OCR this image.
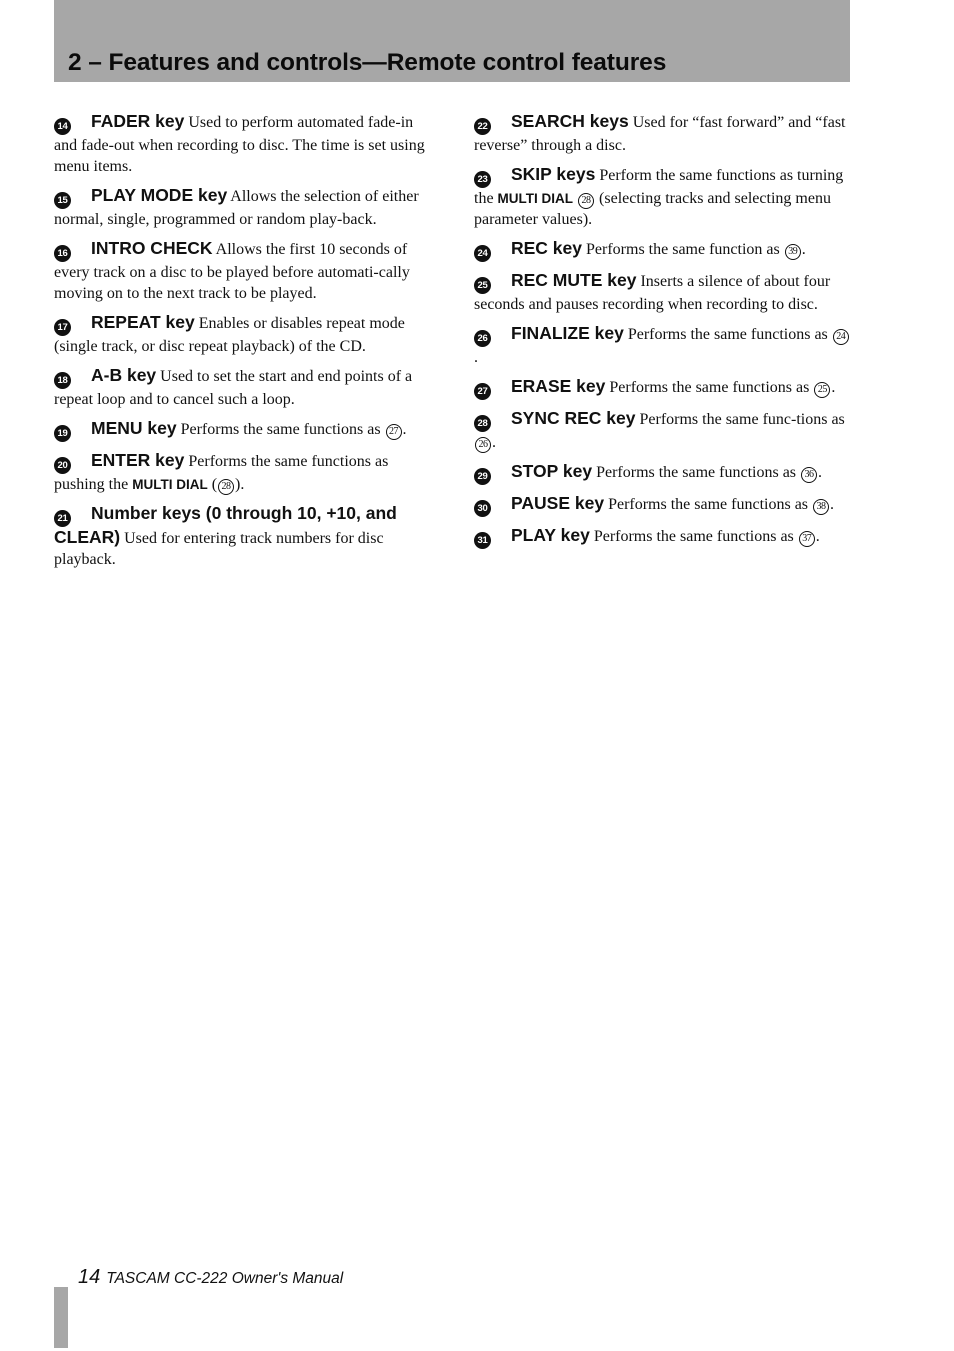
2 – Features and controls—Remote control features

14 FADER key Used to perform automated fade-in and fade-out when recording to disc. The time is set using menu items.

15 PLAY MODE key Allows the selection of either normal, single, programmed or random play-back.

16 INTRO CHECK Allows the first 10 seconds of every track on a disc to be played before automati-cally moving on to the next track to be played.

17 REPEAT key Enables or disables repeat mode (single track, or disc repeat playback) of the CD.

18 A-B key Used to set the start and end points of a repeat loop and to cancel such a loop.

19 MENU key Performs the same functions as 27 .

20 ENTER key Performs the same functions as pushing the MULTI DIAL ( 28 ).

21 Number keys (0 through 10, +10, and CLEAR) Used for entering track numbers for disc playback.

22 SEARCH keys Used for “fast forward” and “fast reverse” through a disc.

23 SKIP keys Perform the same functions as turning the MULTI DIAL 28 (selecting tracks and selecting menu parameter values).

24 REC key Performs the same function as 39 .

25 REC MUTE key Inserts a silence of about four seconds and pauses recording when recording to disc.

26 FINALIZE key Performs the same functions as 24.

27 ERASE key Performs the same functions as 25 .

28 SYNC REC key Performs the same func-tions as 26 .

29 STOP key Performs the same functions as 36 .

30 PAUSE key Performs the same functions as 38 .

31 PLAY key Performs the same functions as 37 .

14 TASCAM CC-222 Owner's Manual
